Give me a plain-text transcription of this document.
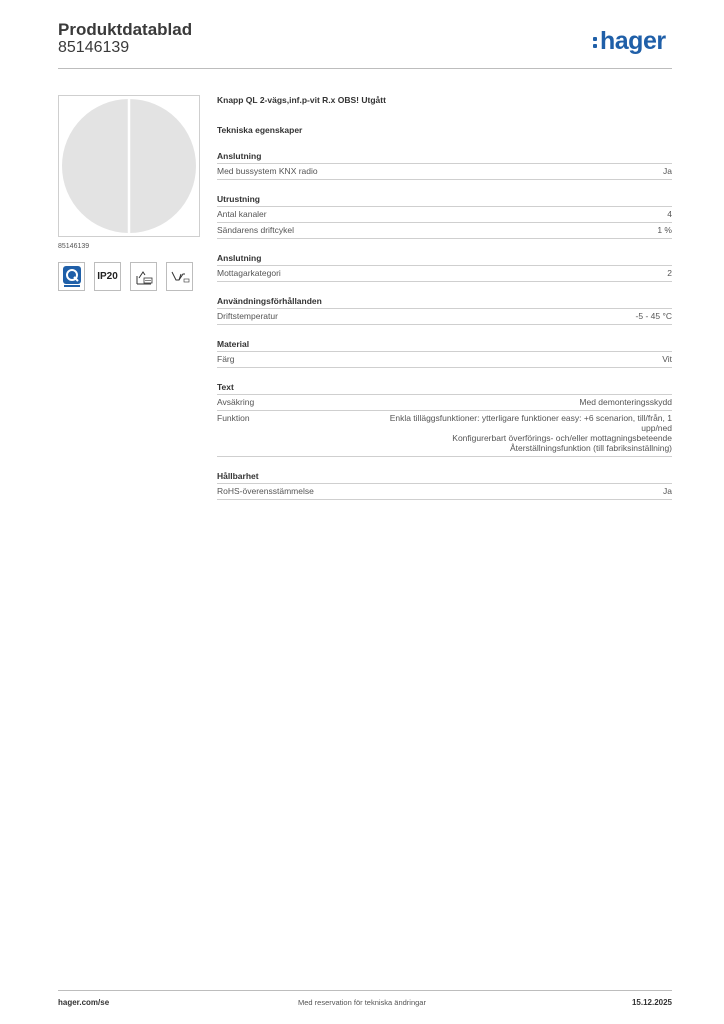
Produktdatablad
85146139	hager
85146139
IP20
Knapp QL 2-vägs,inf.p-vit R.x OBS! Utgått
Tekniska egenskaper
Anslutning
Med bussystem KNX radio	Ja
Utrustning
Antal kanaler	4
Sändarens driftcykel	1 %
Anslutning
Mottagarkategori	2
Användningsförhållanden
Driftstemperatur	-5 - 45 °C
Material
Färg	Vit
Text
Avsäkring	Med demonteringsskydd
Funktion	Enkla tilläggsfunktioner: ytterligare funktioner easy: +6 scenarion, till/från, 1
upp/ned
Konfigurerbart överförings- och/eller mottagningsbeteende
Återställningsfunktion (till fabriksinställning)
Hållbarhet
RoHS-överensstämmelse	Ja
hager.com/se	Med reservation för tekniska ändringar	15.12.2025
